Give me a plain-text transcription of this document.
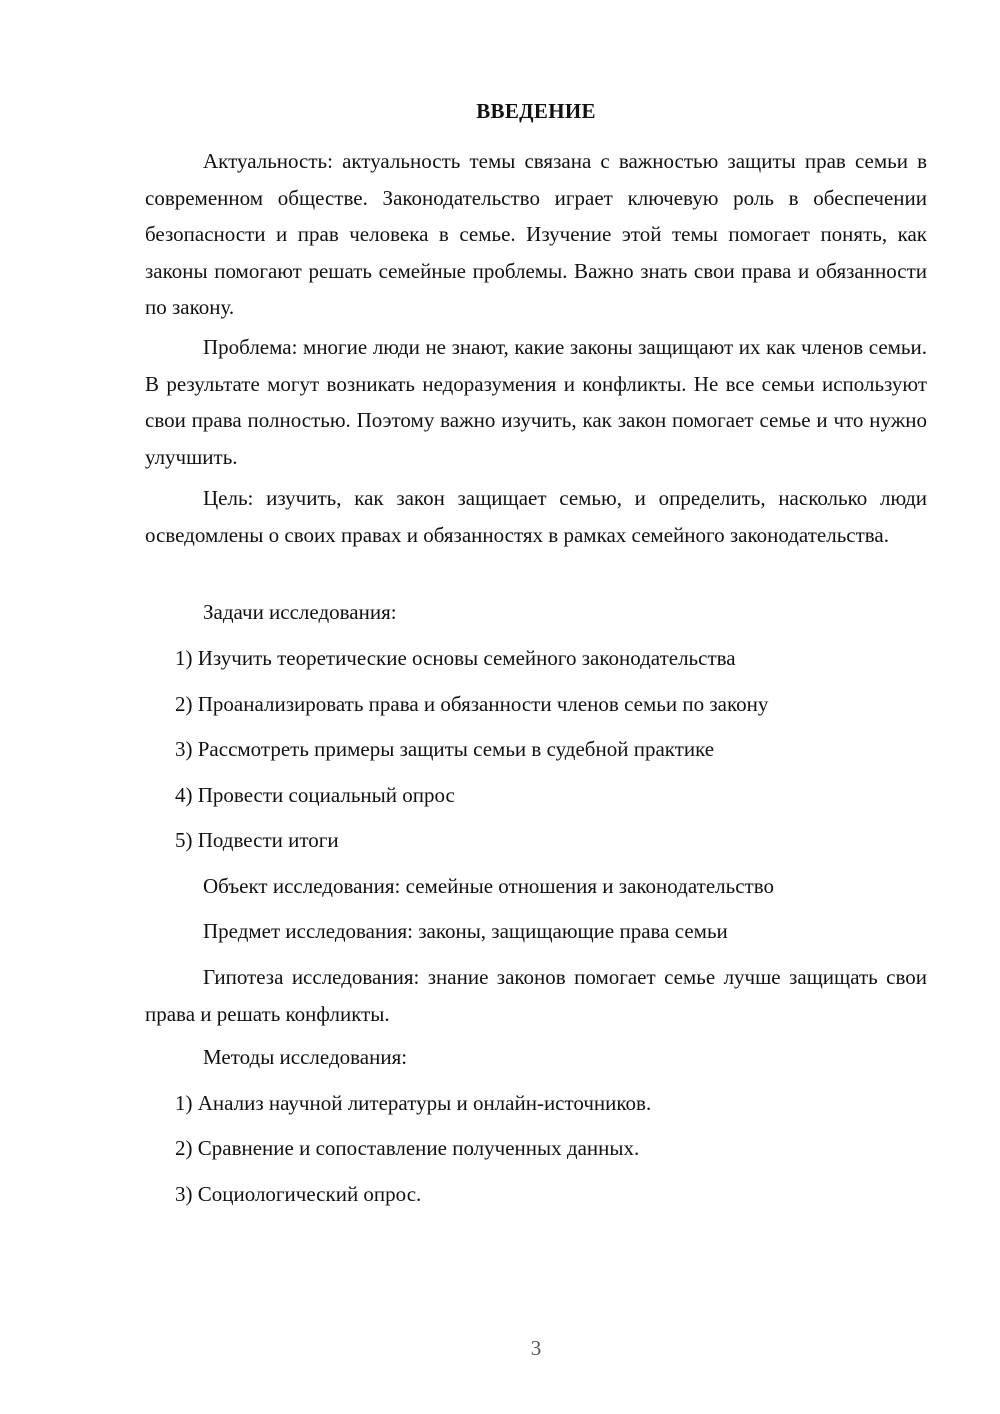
ВВЕДЕНИЕ

Актуальность: актуальность темы связана с важностью защиты прав семьи в современном обществе. Законодательство играет ключевую роль в обеспечении безопасности и прав человека в семье. Изучение этой темы помогает понять, как законы помогают решать семейные проблемы. Важно знать свои права и обязанности по закону.

Проблема: многие люди не знают, какие законы защищают их как членов семьи. В результате могут возникать недоразумения и конфликты. Не все семьи используют свои права полностью. Поэтому важно изучить, как закон помогает семье и что нужно улучшить.

Цель: изучить, как закон защищает семью, и определить, насколько люди осведомлены о своих правах и обязанностях в рамках семейного законодательства.

Задачи исследования:
1) Изучить теоретические основы семейного законодательства
2) Проанализировать права и обязанности членов семьи по закону
3) Рассмотреть примеры защиты семьи в судебной практике
4) Провести социальный опрос
5) Подвести итоги
Объект исследования: семейные отношения и законодательство
Предмет исследования: законы, защищающие права семьи

Гипотеза исследования: знание законов помогает семье лучше защищать свои права и решать конфликты.

Методы исследования:
1) Анализ научной литературы и онлайн-источников.
2) Сравнение и сопоставление полученных данных.
3) Социологический опрос.
3
